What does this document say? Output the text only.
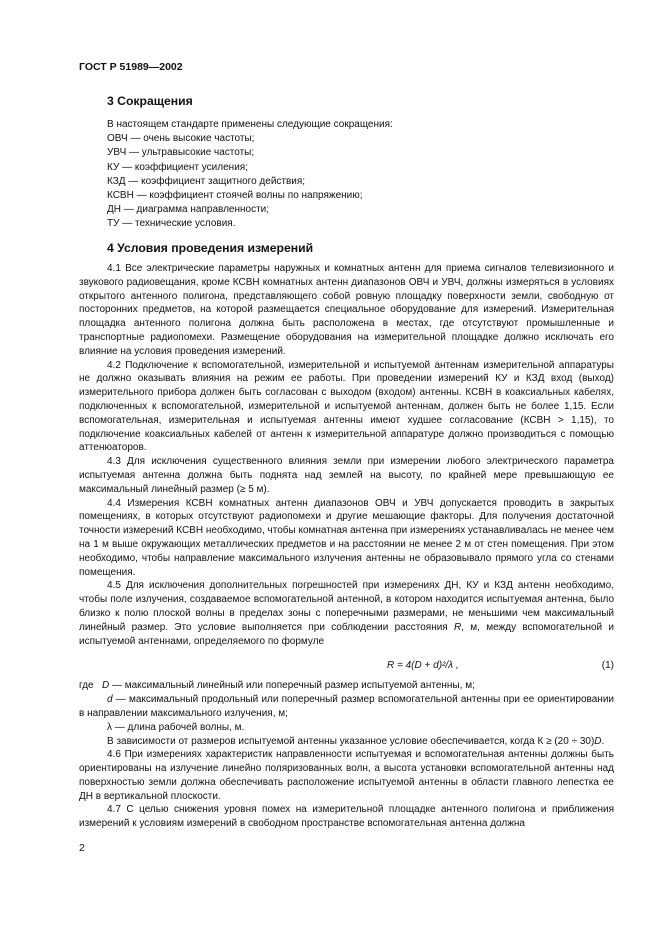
ГОСТ Р 51989—2002
3 Сокращения
В настоящем стандарте применены следующие сокращения:
ОВЧ — очень высокие частоты;
УВЧ — ультравысокие частоты;
КУ — коэффициент усиления;
КЗД — коэффициент защитного действия;
КСВН — коэффициент стоячей волны по напряжению;
ДН — диаграмма направленности;
ТУ — технические условия.
4 Условия проведения измерений

4.1 Все электрические параметры наружных и комнатных антенн для приема сигналов телевизионного и звукового радиовещания, кроме КСВН комнатных антенн диапазонов ОВЧ и УВЧ, должны измеряться в условиях открытого антенного полигона, представляющего собой ровную площадку поверхности земли, свободную от посторонних предметов, на которой размещается специальное оборудование для измерений. Измерительная площадка антенного полигона должна быть расположена в местах, где отсутствуют промышленные и транспортные радиопомехи. Размещение оборудования на измерительной площадке должно исключать его влияние на условия проведения измерений.

4.2 Подключение к вспомогательной, измерительной и испытуемой антеннам измерительной аппаратуры не должно оказывать влияния на режим ее работы. При проведении измерений КУ и КЗД вход (выход) измерительного прибора должен быть согласован с выходом (входом) антенны. КСВН в коаксиальных кабелях, подключенных к вспомогательной, измерительной и испытуемой антеннам, должен быть не более 1,15. Если вспомогательная, измерительная и испытуемая антенны имеют худшее согласование (КСВН > 1,15), то подключение коаксиальных кабелей от антенн к измерительной аппаратуре должно производиться с помощью аттенюаторов.

4.3 Для исключения существенного влияния земли при измерении любого электрического параметра испытуемая антенна должна быть поднята над землей на высоту, по крайней мере превышающую ее максимальный линейный размер (≥ 5 м).

4.4 Измерения КСВН комнатных антенн диапазонов ОВЧ и УВЧ допускается проводить в закрытых помещениях, в которых отсутствуют радиопомехи и другие мешающие факторы. Для получения достаточной точности измерений КСВН необходимо, чтобы комнатная антенна при измерениях устанавливалась не менее чем на 1 м выше окружающих металлических предметов и на расстоянии не менее 2 м от стен помещения. При этом необходимо, чтобы направление максимального излучения антенны не образовывало прямого угла со стенами помещения.

4.5 Для исключения дополнительных погрешностей при измерениях ДН, КУ и КЗД антенн необходимо, чтобы поле излучения, создаваемое вспомогательной антенной, в котором находится испытуемая антенна, было близко к полю плоской волны в пределах зоны с поперечными размерами, не меньшими чем максимальный линейный размер. Это условие выполняется при соблюдении расстояния R, м, между вспомогательной и испытуемой антеннами, определяемого по формуле

R = 4(D + d)²/λ ,	(1)

где D — максимальный линейный или поперечный размер испытуемой антенны, м;

d — максимальный продольный или поперечный размер вспомогательной антенны при ее ориентировании в направлении максимального излучения, м;

λ — длина рабочей волны, м.

В зависимости от размеров испытуемой антенны указанное условие обеспечивается, когда К ≥ (20 ÷ 30)D.

4.6 При измерениях характеристик направленности испытуемая и вспомогательная антенны должны быть ориентированы на излучение линейно поляризованных волн, а высота установки вспомогательной антенны над поверхностью земли должна обеспечивать расположение испытуемой антенны в области главного лепестка ее ДН в вертикальной плоскости.

4.7 С целью снижения уровня помех на измерительной площадке антенного полигона и приближения измерений к условиям измерений в свободном пространстве вспомогательная антенна должна

2
